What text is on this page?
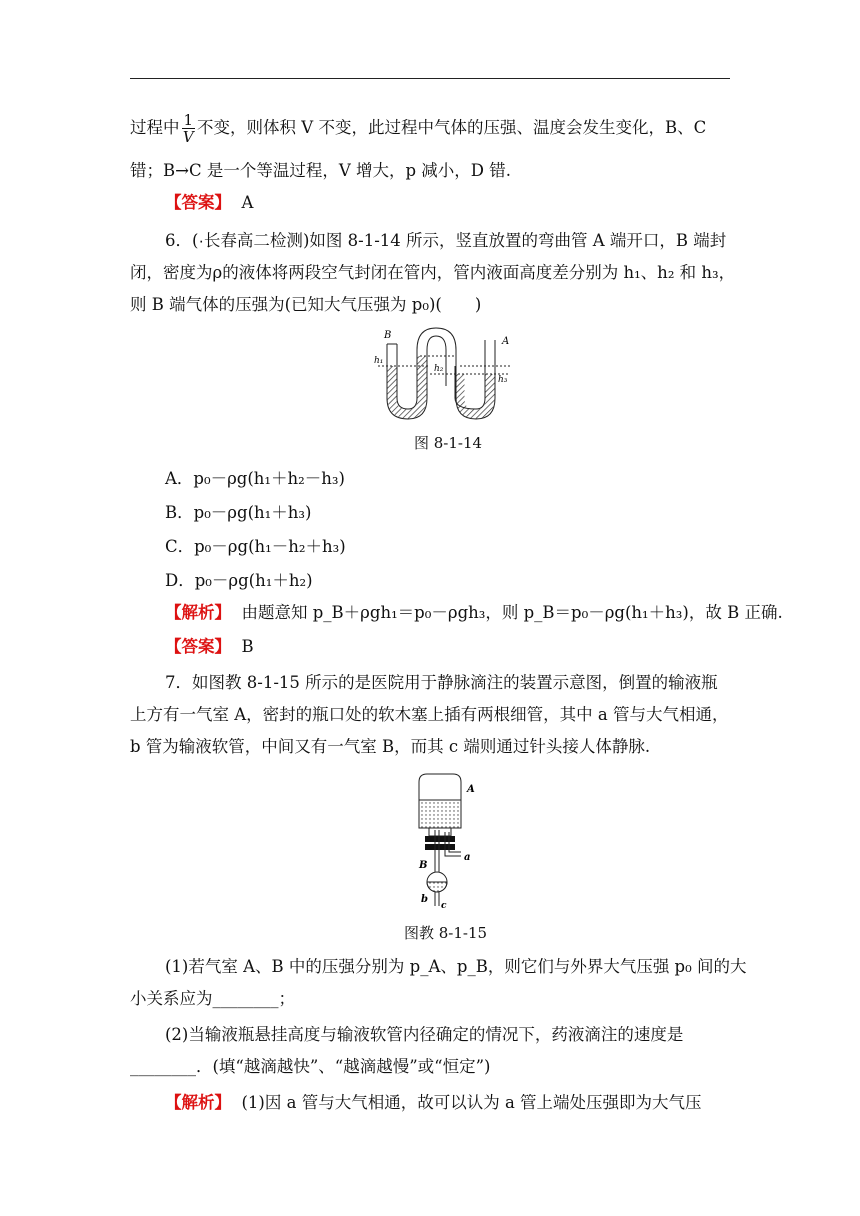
过程中 $\frac{1}{V}$ 不变，则体积 V 不变，此过程中气体的压强、温度会发生变化，B、C
错；B→C 是一个等温过程，V 增大，p 减小，D 错.
【答案】 A
6．(·长春高二检测)如图 8-1-14 所示，竖直放置的弯曲管 A 端开口，B 端封
闭，密度为ρ的液体将两段空气封闭在管内，管内液面高度差分别为 h₁、h₂ 和 h₃，
则 B 端气体的压强为(已知大气压强为 p₀)(　　)
B
A
h₁
h₂
h₃
图 8-1-14
A．p₀－ρg(h₁＋h₂－h₃)
B．p₀－ρg(h₁＋h₃)
C．p₀－ρg(h₁－h₂＋h₃)
D．p₀－ρg(h₁＋h₂)
【解析】 由题意知 p_B＋ρgh₁＝p₀－ρgh₃，则 p_B＝p₀－ρg(h₁＋h₃)，故 B 正确.
【答案】 B
7．如图教 8-1-15 所示的是医院用于静脉滴注的装置示意图，倒置的输液瓶
上方有一气室 A，密封的瓶口处的软木塞上插有两根细管，其中 a 管与大气相通，
b 管为输液软管，中间又有一气室 B，而其 c 端则通过针头接人体静脉.
A
B
a
b
c
图教 8-1-15
(1)若气室 A、B 中的压强分别为 p_A、p_B，则它们与外界大气压强 p₀ 间的大
小关系应为________；
(2)当输液瓶悬挂高度与输液软管内径确定的情况下，药液滴注的速度是
________．(填“越滴越快”、“越滴越慢”或“恒定”)
【解析】 (1)因 a 管与大气相通，故可以认为 a 管上端处压强即为大气压
